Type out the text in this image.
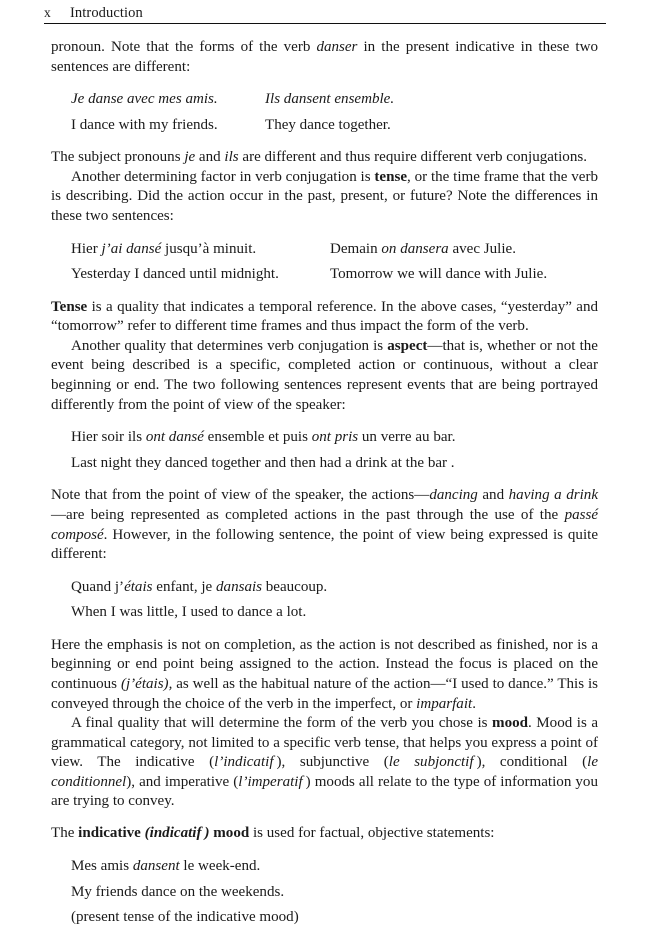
x	Introduction

pronoun. Note that the forms of the verb danser in the present indicative in these two sentences are different:

Je danse avec mes amis.	Ils dansent ensemble.
I dance with my friends.	They dance together.

The subject pronouns je and ils are different and thus require different verb conjugations.

Another determining factor in verb conjugation is tense, or the time frame that the verb is describing. Did the action occur in the past, present, or future? Note the differences in these two sentences:

Hier j’ai dansé jusqu’à minuit.	Demain on dansera avec Julie.
Yesterday I danced until midnight.	Tomorrow we will dance with Julie.

Tense is a quality that indicates a temporal reference. In the above cases, “yesterday” and “tomorrow” refer to different time frames and thus impact the form of the verb.

Another quality that determines verb conjugation is aspect—that is, whether or not the event being described is a specific, completed action or continuous, without a clear beginning or end. The two following sentences represent events that are being portrayed differently from the point of view of the speaker:

Hier soir ils ont dansé ensemble et puis ont pris un verre au bar.
Last night they danced together and then had a drink at the bar .

Note that from the point of view of the speaker, the actions—dancing and having a drink—are being represented as completed actions in the past through the use of the passé composé. However, in the following sentence, the point of view being expressed is quite different:

Quand j’étais enfant, je dansais beaucoup.
When I was little, I used to dance a lot.

Here the emphasis is not on completion, as the action is not described as finished, nor is a beginning or end point being assigned to the action. Instead the focus is placed on the continuous (j’étais), as well as the habitual nature of the action—“I used to dance.” This is conveyed through the choice of the verb in the imperfect, or imparfait.

A final quality that will determine the form of the verb you chose is mood. Mood is a grammatical category, not limited to a specific verb tense, that helps you express a point of view. The indicative (l’indicatif ), subjunctive (le subjonctif ), conditional (le conditionnel), and imperative (l’imperatif ) moods all relate to the type of information you are trying to convey.

The indicative (indicatif ) mood is used for factual, objective statements:

Mes amis dansent le week-end.
My friends dance on the weekends.
(present tense of the indicative mood)
